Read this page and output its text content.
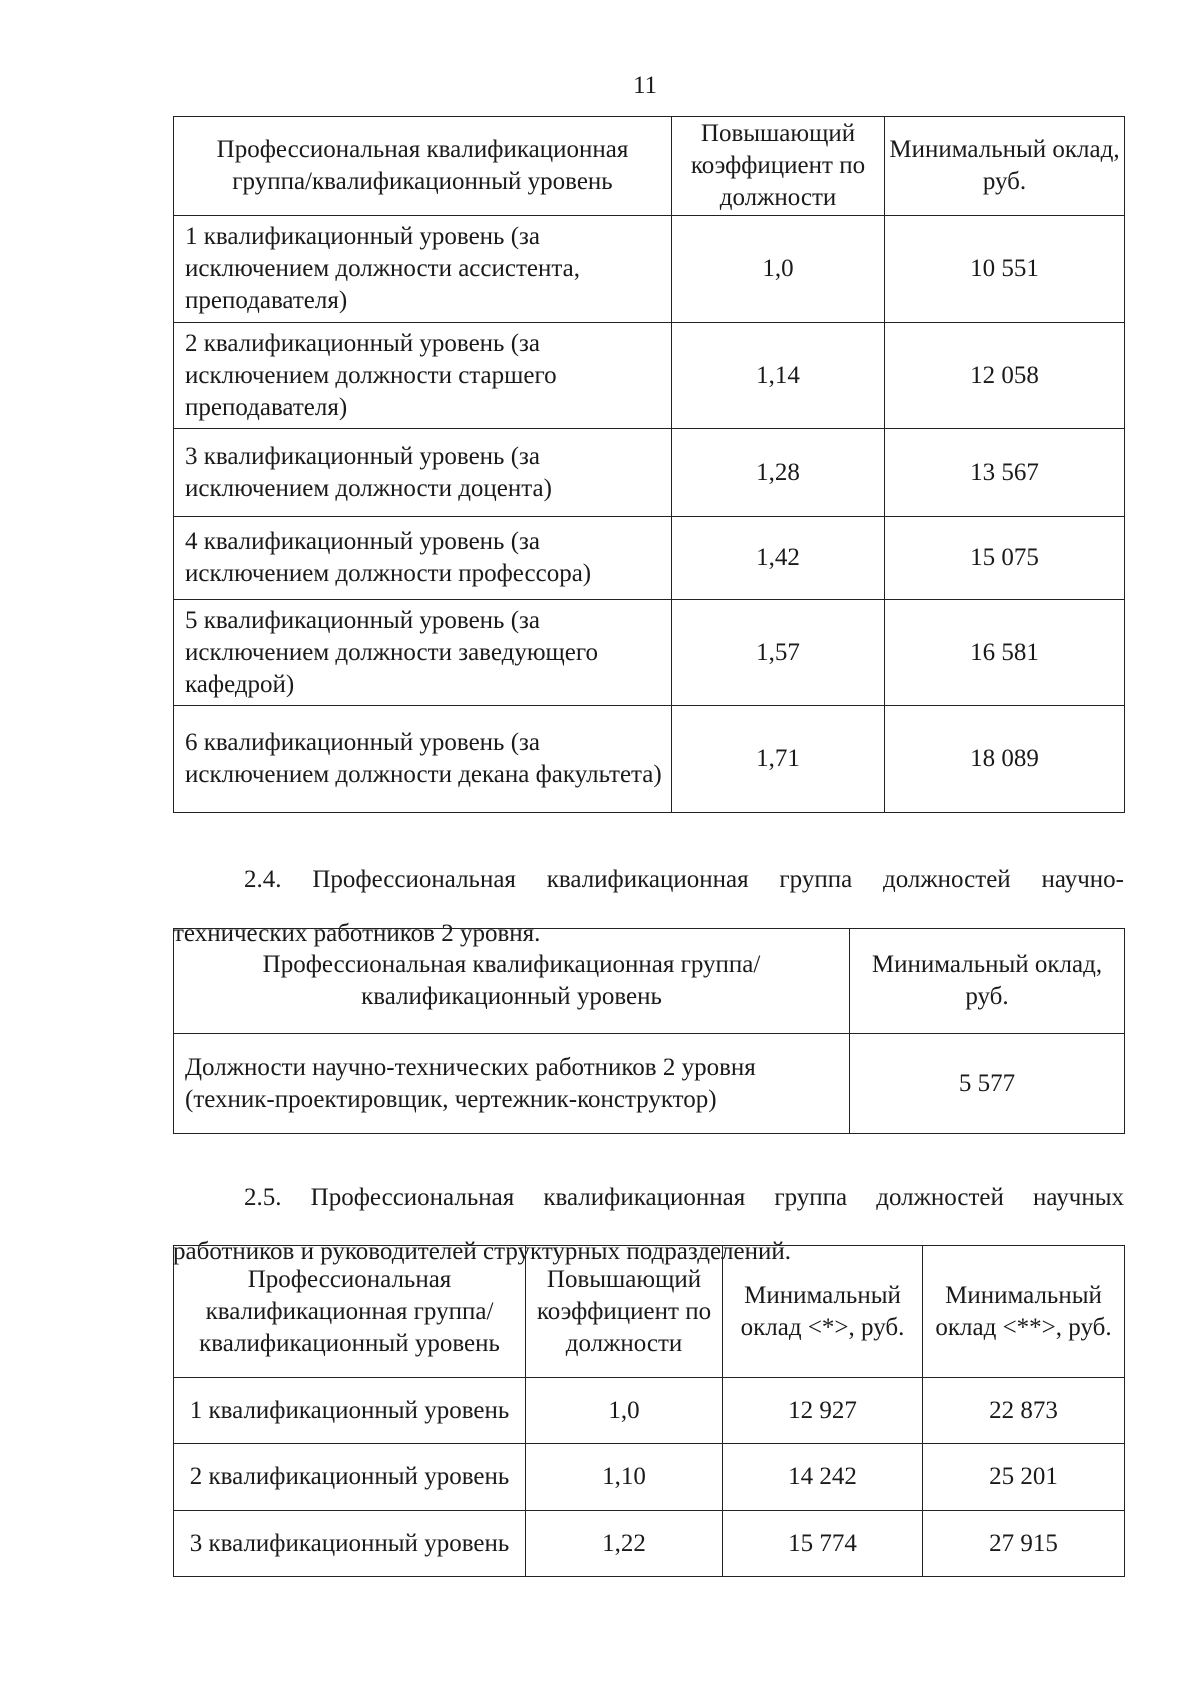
11
Профессиональная квалификационная группа/квалификационный уровень	Повышающий коэффициент по должности	Минимальный оклад, руб.
1 квалификационный уровень (за исключением должности ассистента, преподавателя)	1,0	10 551
2 квалификационный уровень (за исключением должности старшего преподавателя)	1,14	12 058
3 квалификационный уровень (за исключением должности доцента)	1,28	13 567
4 квалификационный уровень (за исключением должности профессора)	1,42	15 075
5 квалификационный уровень (за исключением должности заведующего кафедрой)	1,57	16 581
6 квалификационный уровень (за исключением должности декана факультета)	1,71	18 089

2.4. Профессиональная квалификационная группа должностей научно-технических работников 2 уровня.

Профессиональная квалификационная группа/квалификационный уровень	Минимальный оклад, руб.
Должности научно-технических работников 2 уровня (техник-проектировщик, чертежник-конструктор)	5 577

2.5. Профессиональная квалификационная группа должностей научных работников и руководителей структурных подразделений.

Профессиональная квалификационная группа/квалификационный уровень	Повышающий коэффициент по должности	Минимальный оклад <*>, руб.	Минимальный оклад <**>, руб.
1 квалификационный уровень	1,0	12 927	22 873
2 квалификационный уровень	1,10	14 242	25 201
3 квалификационный уровень	1,22	15 774	27 915
